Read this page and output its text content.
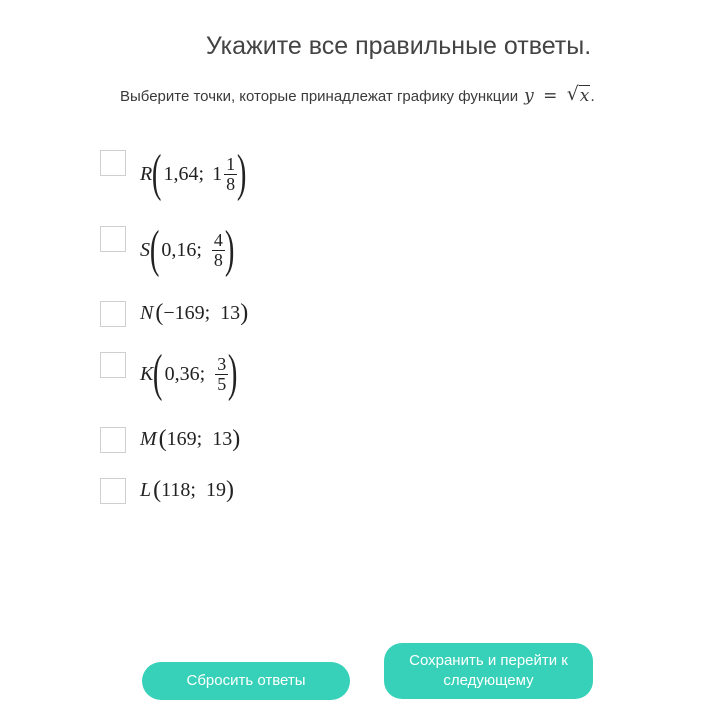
Укажите все правильные ответы.
Выберите точки, которые принадлежат графику функции y = √ x.
R ( 1,64; $1 \frac{1}{8}$ )
S ( 0,16; $\frac{4}{8}$ )
N ( −169;  13 )
K ( 0,36; $\frac{3}{5}$ )
M ( 169;  13 )
L ( 118;  19 )
Сбросить ответы
Сохранить и перейти к следующему
